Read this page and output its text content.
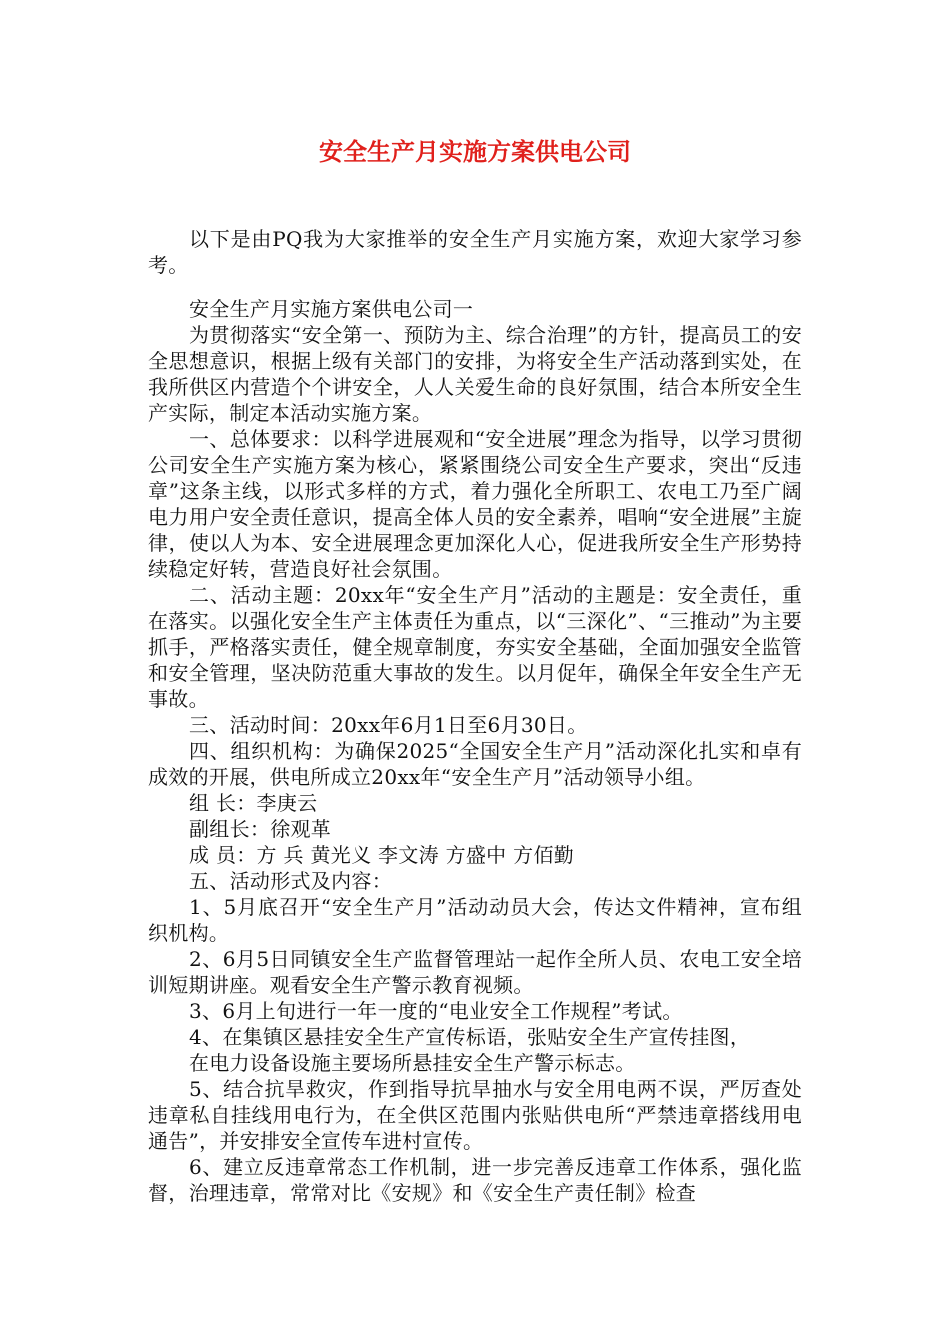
安全生产月实施方案供电公司

以下是由PQ我为大家推举的安全生产月实施方案，欢迎大家学习参考。

安全生产月实施方案供电公司一

为贯彻落实“安全第一、预防为主、综合治理”的方针，提高员工的安全思想意识，根据上级有关部门的安排，为将安全生产活动落到实处，在我所供区内营造个个讲安全，人人关爱生命的良好氛围，结合本所安全生产实际，制定本活动实施方案。

一、总体要求：以科学进展观和“安全进展”理念为指导，以学习贯彻公司安全生产实施方案为核心，紧紧围绕公司安全生产要求，突出“反违章”这条主线，以形式多样的方式，着力强化全所职工、农电工乃至广阔电力用户安全责任意识，提高全体人员的安全素养，唱响“安全进展”主旋律，使以人为本、安全进展理念更加深化人心，促进我所安全生产形势持续稳定好转，营造良好社会氛围。

二、活动主题：20xx年“安全生产月”活动的主题是：安全责任，重在落实。以强化安全生产主体责任为重点，以“三深化”、“三推动”为主要抓手，严格落实责任，健全规章制度，夯实安全基础，全面加强安全监管和安全管理，坚决防范重大事故的发生。以月促年，确保全年安全生产无事故。

三、活动时间：20xx年6月1日至6月30日。

四、组织机构：为确保2025“全国安全生产月”活动深化扎实和卓有成效的开展，供电所成立20xx年“安全生产月”活动领导小组。

组 长：李庚云

副组长：徐观革

成 员：方 兵 黄光义 李文涛 方盛中 方佰勤

五、活动形式及内容：

1、5月底召开“安全生产月”活动动员大会，传达文件精神，宣布组织机构。

2、6月5日同镇安全生产监督管理站一起作全所人员、农电工安全培训短期讲座。观看安全生产警示教育视频。

3、6月上旬进行一年一度的“电业安全工作规程”考试。

4、在集镇区悬挂安全生产宣传标语，张贴安全生产宣传挂图，

在电力设备设施主要场所悬挂安全生产警示标志。

5、结合抗旱救灾，作到指导抗旱抽水与安全用电两不误，严厉查处违章私自挂线用电行为，在全供区范围内张贴供电所“严禁违章搭线用电通告”，并安排安全宣传车进村宣传。

6、建立反违章常态工作机制，进一步完善反违章工作体系，强化监督，治理违章，常常对比《安规》和《安全生产责任制》检查
